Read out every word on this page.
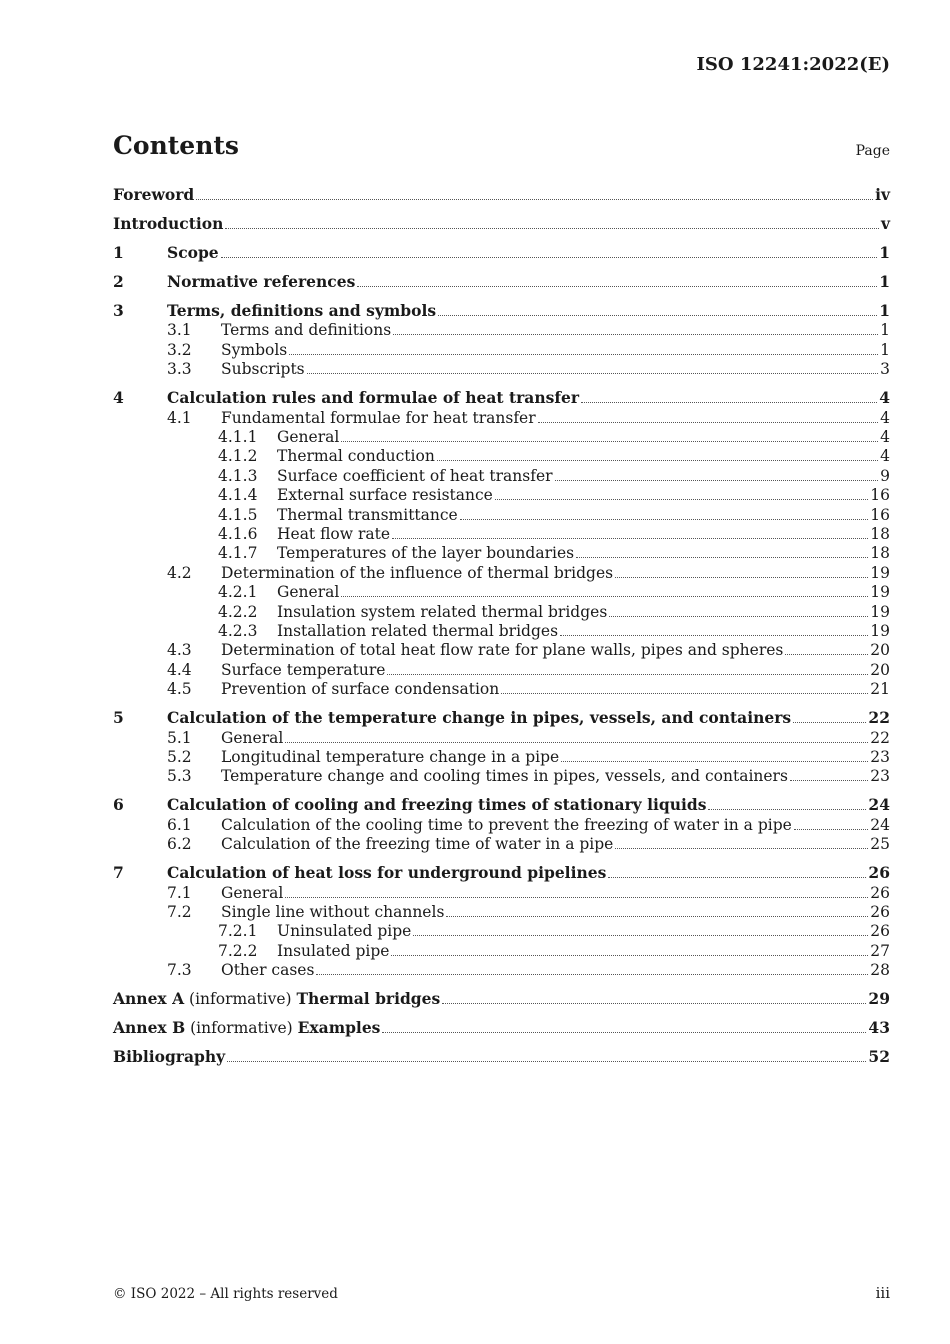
ISO 12241:2022(E)
Contents	Page
Foreword	iv
Introduction	v
1	Scope	1
2	Normative references	1
3	Terms, definitions and symbols	1
3.1	Terms and definitions	1
3.2	Symbols	1
3.3	Subscripts	3
4	Calculation rules and formulae of heat transfer	4
4.1	Fundamental formulae for heat transfer	4
4.1.1	General	4
4.1.2	Thermal conduction	4
4.1.3	Surface coefficient of heat transfer	9
4.1.4	External surface resistance	16
4.1.5	Thermal transmittance	16
4.1.6	Heat flow rate	18
4.1.7	Temperatures of the layer boundaries	18
4.2	Determination of the influence of thermal bridges	19
4.2.1	General	19
4.2.2	Insulation system related thermal bridges	19
4.2.3	Installation related thermal bridges	19
4.3	Determination of total heat flow rate for plane walls, pipes and spheres	20
4.4	Surface temperature	20
4.5	Prevention of surface condensation	21
5	Calculation of the temperature change in pipes, vessels, and containers	22
5.1	General	22
5.2	Longitudinal temperature change in a pipe	23
5.3	Temperature change and cooling times in pipes, vessels, and containers	23
6	Calculation of cooling and freezing times of stationary liquids	24
6.1	Calculation of the cooling time to prevent the freezing of water in a pipe	24
6.2	Calculation of the freezing time of water in a pipe	25
7	Calculation of heat loss for underground pipelines	26
7.1	General	26
7.2	Single line without channels	26
7.2.1	Uninsulated pipe	26
7.2.2	Insulated pipe	27
7.3	Other cases	28
Annex A (informative) Thermal bridges	29
Annex B (informative) Examples	43
Bibliography	52
© ISO 2022 – All rights reserved	iii
